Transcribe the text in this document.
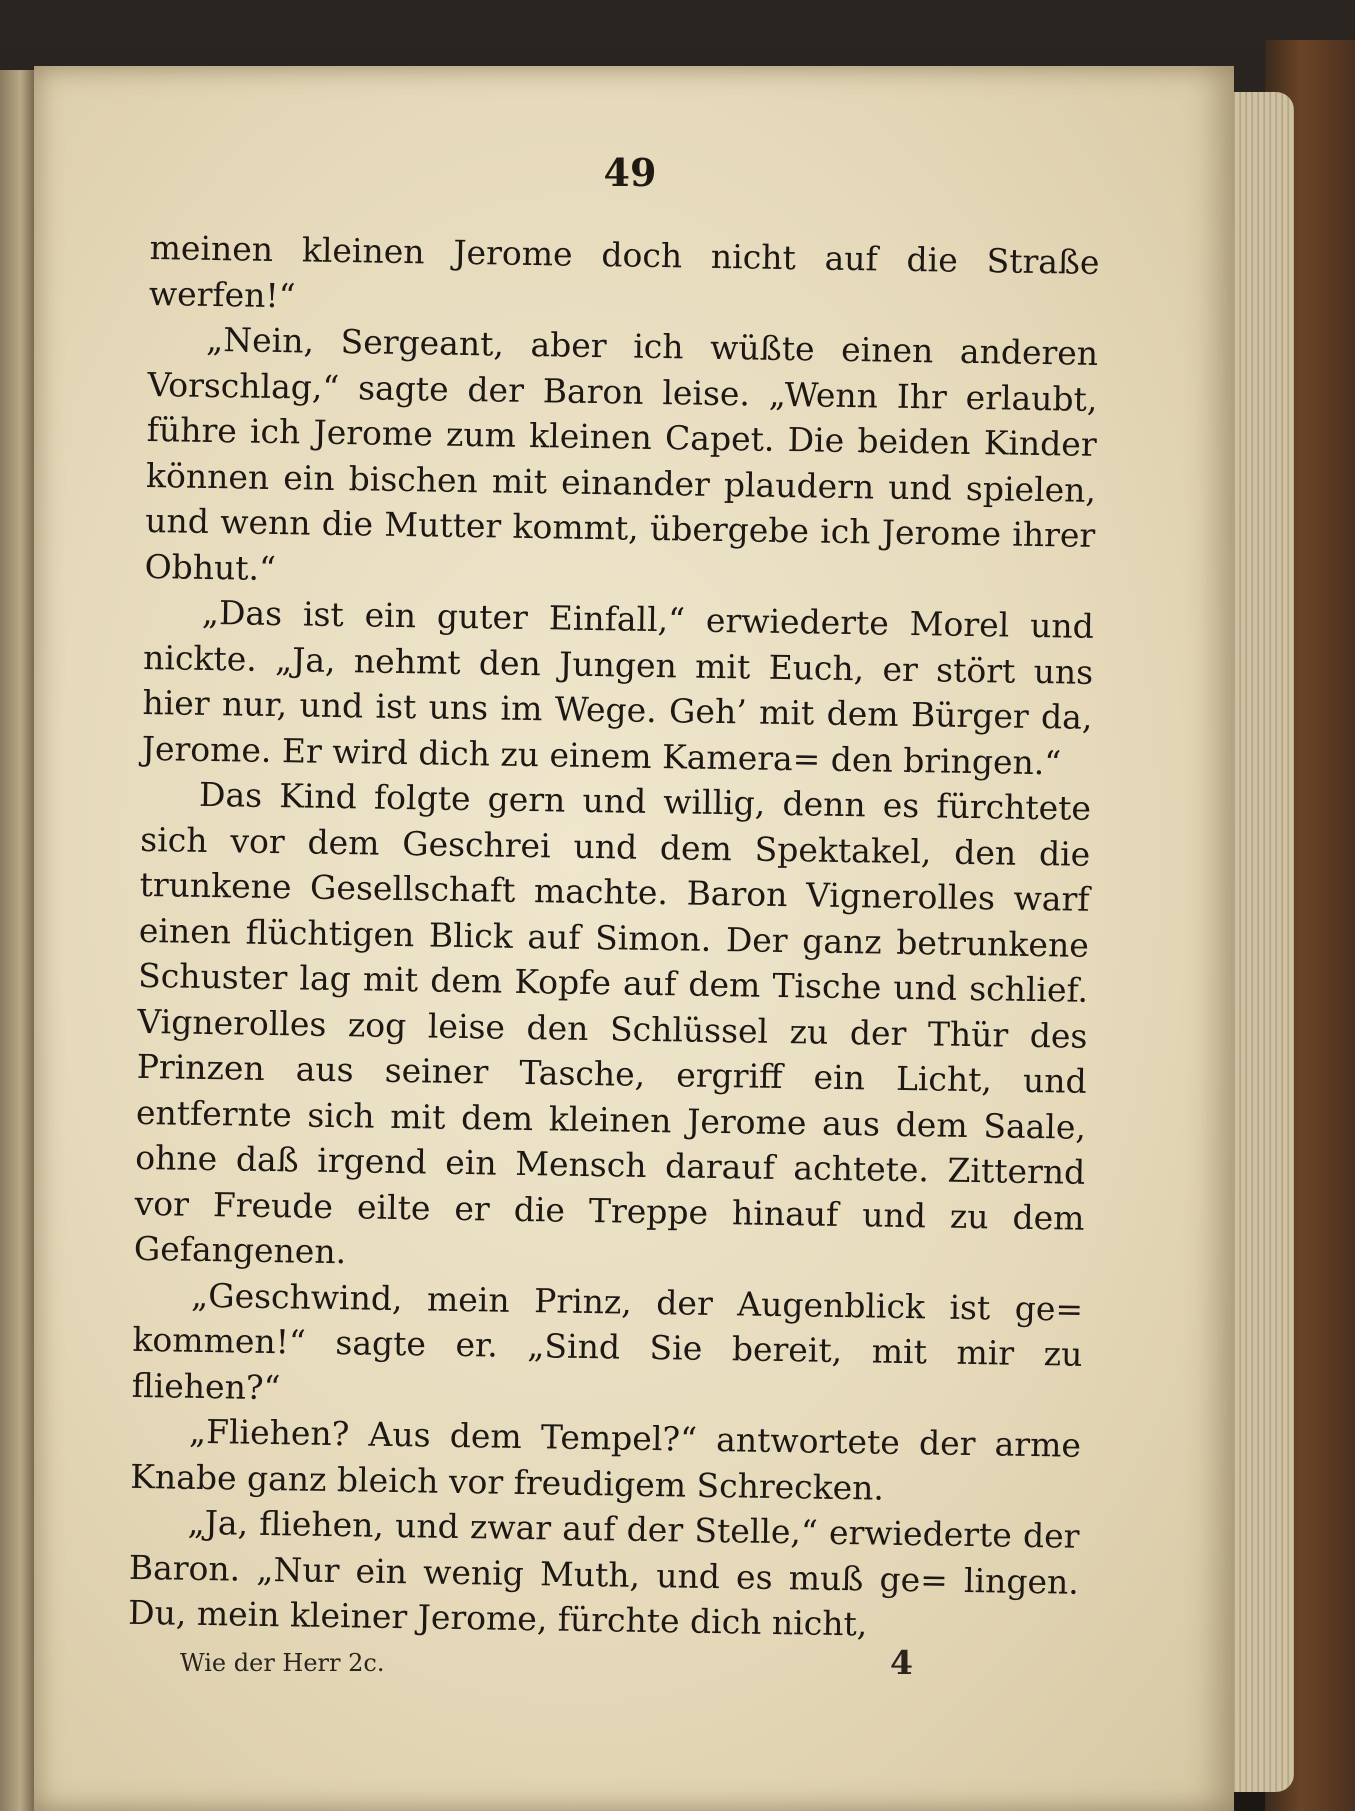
49

meinen kleinen Jerome doch nicht auf die Straße werfen!“

„Nein, Sergeant, aber ich wüßte einen anderen Vorschlag,“ sagte der Baron leise. „Wenn Ihr erlaubt, führe ich Jerome zum kleinen Capet. Die beiden Kinder können ein bischen mit einander plaudern und spielen, und wenn die Mutter kommt, übergebe ich Jerome ihrer Obhut.“

„Das ist ein guter Einfall,“ erwiederte Morel und nickte. „Ja, nehmt den Jungen mit Euch, er stört uns hier nur, und ist uns im Wege. Geh’ mit dem Bürger da, Jerome. Er wird dich zu einem Kamera= den bringen.“

Das Kind folgte gern und willig, denn es fürchtete sich vor dem Geschrei und dem Spektakel, den die trunkene Gesellschaft machte. Baron Vignerolles warf einen flüchtigen Blick auf Simon. Der ganz betrunkene Schuster lag mit dem Kopfe auf dem Tische und schlief. Vignerolles zog leise den Schlüssel zu der Thür des Prinzen aus seiner Tasche, ergriff ein Licht, und entfernte sich mit dem kleinen Jerome aus dem Saale, ohne daß irgend ein Mensch darauf achtete. Zitternd vor Freude eilte er die Treppe hinauf und zu dem Gefangenen.

„Geschwind, mein Prinz, der Augenblick ist ge= kommen!“ sagte er. „Sind Sie bereit, mit mir zu fliehen?“

„Fliehen? Aus dem Tempel?“ antwortete der arme Knabe ganz bleich vor freudigem Schrecken.

„Ja, fliehen, und zwar auf der Stelle,“ erwiederte der Baron. „Nur ein wenig Muth, und es muß ge= lingen. Du, mein kleiner Jerome, fürchte dich nicht,

Wie der Herr 2c.	4
